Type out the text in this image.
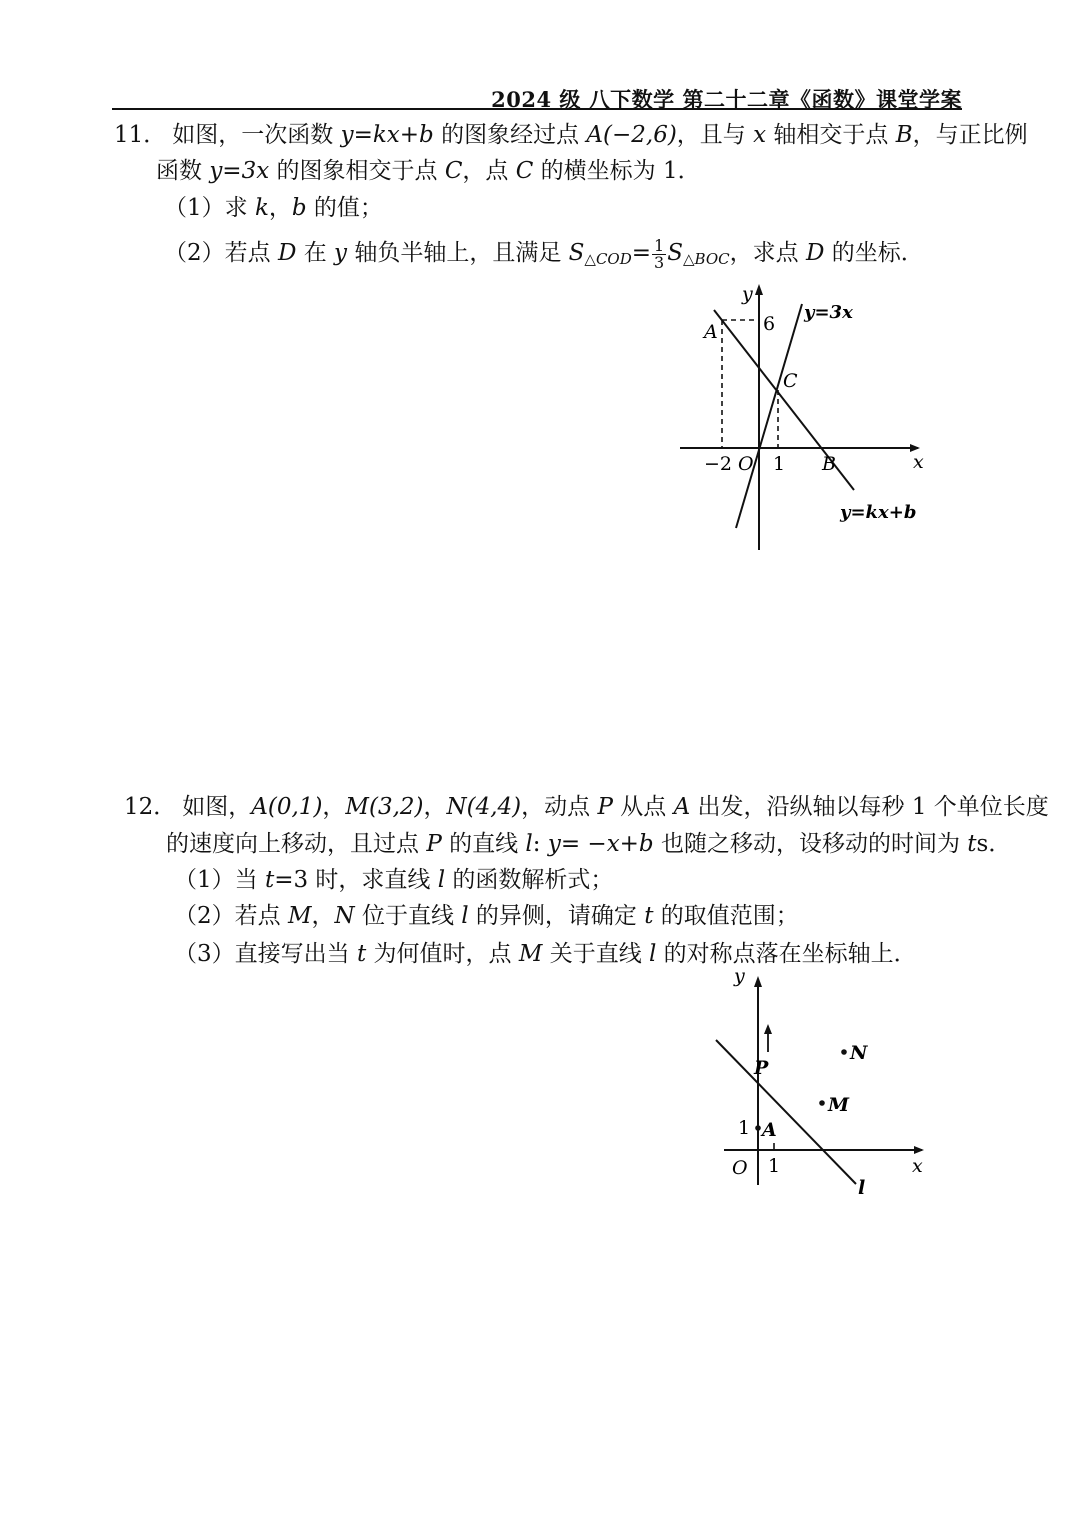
2024 级 八下数学 第二十二章《函数》课堂学案
11． 如图，一次函数 y=kx+b 的图象经过点 A(−2,6)，且与 x 轴相交于点 B，与正比例
函数 y=3x 的图象相交于点 C，点 C 的横坐标为 1．
（1）求 k，b 的值；
（2）若点 D 在 y 轴负半轴上，且满足 $S_{\triangle COD}= \frac{1}{3} S_{\triangle BOC}$，求点 D 的坐标．
y
x
6
A
C
−2 O 1 B
y=3x
y=kx+b
12． 如图，A(0,1)，M(3,2)，N(4,4)，动点 P 从点 A 出发，沿纵轴以每秒 1 个单位长度
的速度向上移动，且过点 P 的直线 l: y= −x+b 也随之移动，设移动的时间为 ts．
（1）当 t=3 时，求直线 l 的函数解析式；
（2）若点 M，N 位于直线 l 的异侧，请确定 t 的取值范围；
（3）直接写出当 t 为何值时，点 M 关于直线 l 的对称点落在坐标轴上．
y
x
P
N
M
1 A
O 1
l
